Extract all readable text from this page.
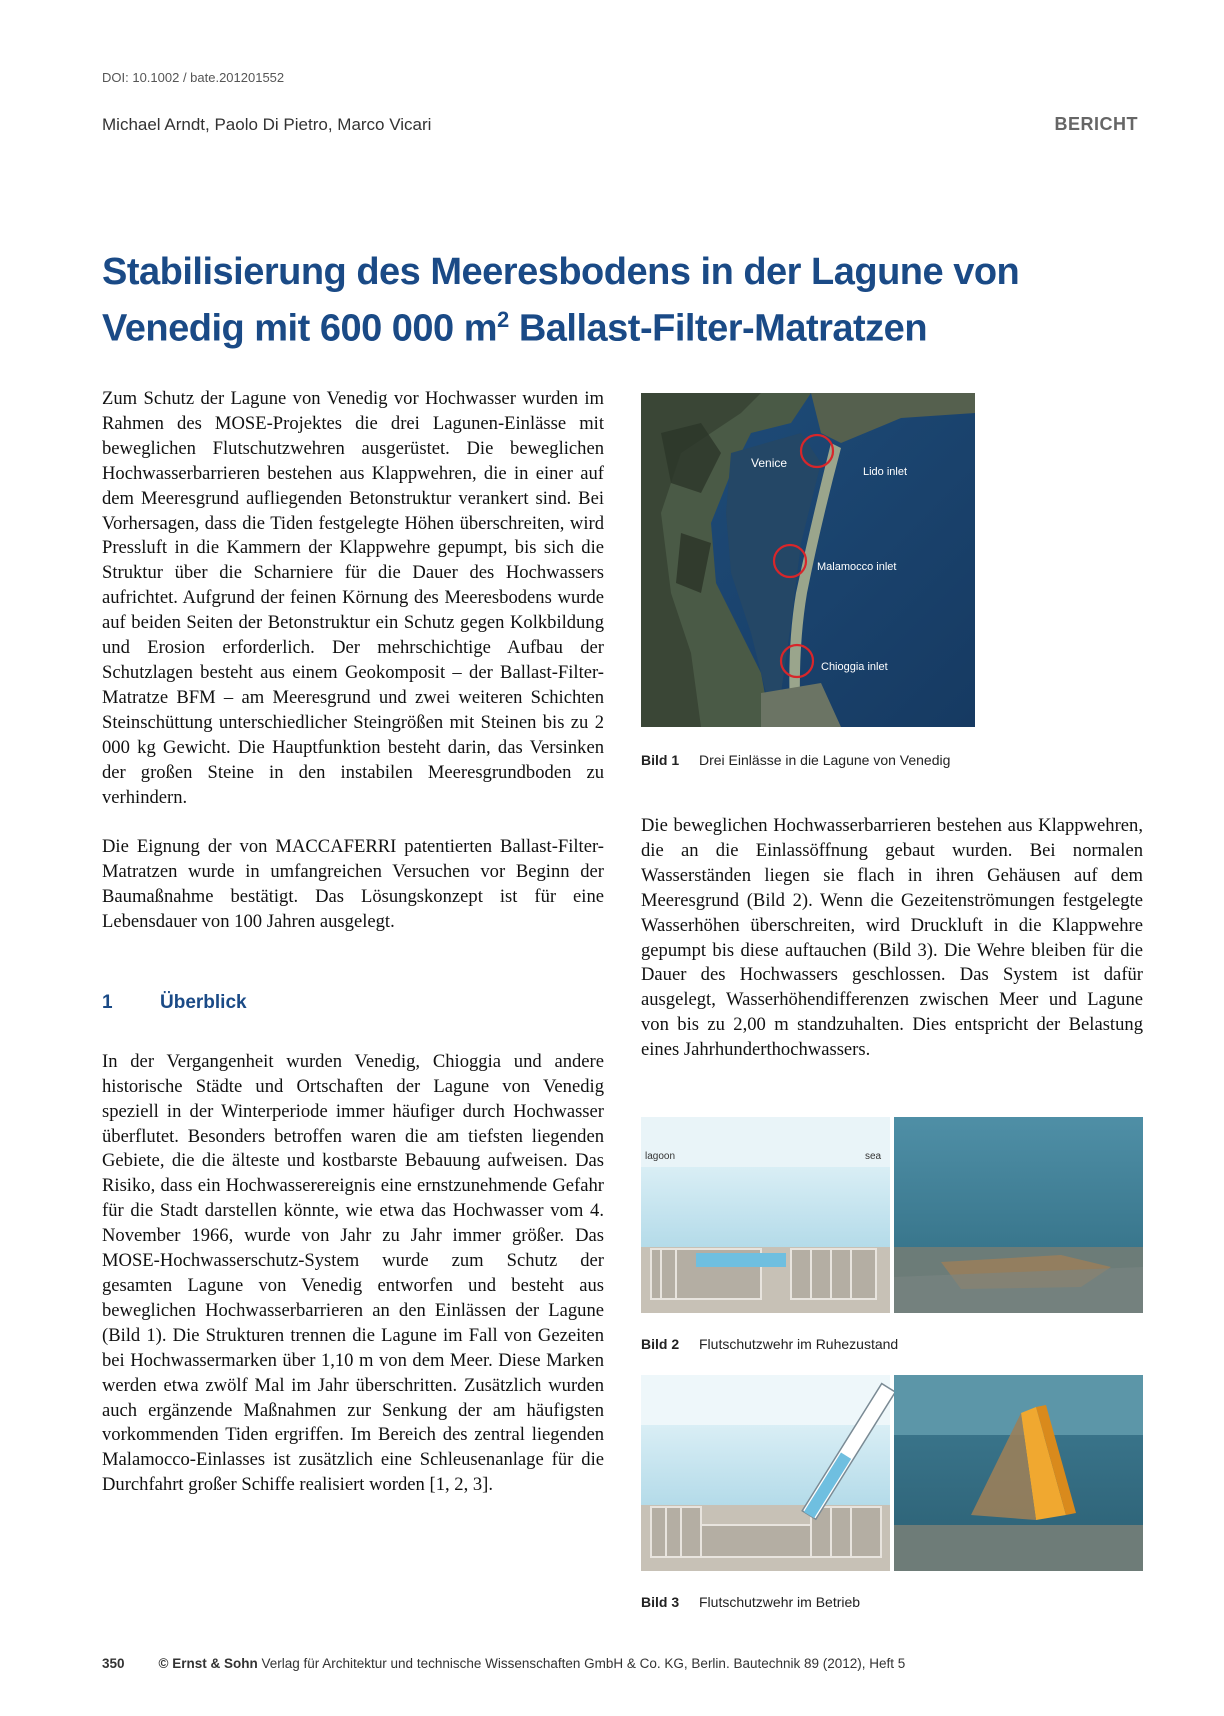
DOI: 10.1002 / bate.201201552
Michael Arndt, Paolo Di Pietro, Marco Vicari	BERICHT
Stabilisierung des Meeresbodens in der Lagune von
Venedig mit 600 000 $m^2$ Ballast-Filter-Matratzen

Zum Schutz der Lagune von Venedig vor Hochwasser wurden im Rahmen des MOSE-Projektes die drei Lagunen-Einlässe mit beweglichen Flutschutzwehren ausgerüstet. Die beweglichen Hochwasserbarrieren bestehen aus Klappwehren, die in einer auf dem Meeresgrund aufliegenden Betonstruktur verankert sind. Bei Vorhersagen, dass die Tiden festgelegte Höhen überschreiten, wird Pressluft in die Kammern der Klappwehre gepumpt, bis sich die Struktur über die Scharniere für die Dauer des Hochwassers aufrichtet. Aufgrund der feinen Körnung des Meeresbodens wurde auf beiden Seiten der Betonstruktur ein Schutz gegen Kolkbildung und Erosion erforderlich. Der mehrschichtige Aufbau der Schutzlagen besteht aus einem Geokomposit – der Ballast-Filter-Matratze BFM – am Meeresgrund und zwei weiteren Schichten Steinschüttung unterschiedlicher Steingrößen mit Steinen bis zu 2 000 kg Gewicht. Die Hauptfunktion besteht darin, das Versinken der großen Steine in den instabilen Meeresgrundboden zu verhindern.

Die Eignung der von MACCAFERRI patentierten Ballast-Filter-Matratzen wurde in umfangreichen Versuchen vor Beginn der Baumaßnahme bestätigt. Das Lösungskonzept ist für eine Lebensdauer von 100 Jahren ausgelegt.

1	Überblick

In der Vergangenheit wurden Venedig, Chioggia und andere historische Städte und Ortschaften der Lagune von Venedig speziell in der Winterperiode immer häufiger durch Hochwasser überflutet. Besonders betroffen waren die am tiefsten liegenden Gebiete, die die älteste und kostbarste Bebauung aufweisen. Das Risiko, dass ein Hochwasserereignis eine ernstzunehmende Gefahr für die Stadt darstellen könnte, wie etwa das Hochwasser vom 4. November 1966, wurde von Jahr zu Jahr immer größer. Das MOSE-Hochwasserschutz-System wurde zum Schutz der gesamten Lagune von Venedig entworfen und besteht aus beweglichen Hochwasserbarrieren an den Einlässen der Lagune (Bild 1). Die Strukturen trennen die Lagune im Fall von Gezeiten bei Hochwassermarken über 1,10 m von dem Meer. Diese Marken werden etwa zwölf Mal im Jahr überschritten. Zusätzlich wurden auch ergänzende Maßnahmen zur Senkung der am häufigsten vorkommenden Tiden ergriffen. Im Bereich des zentral liegenden Malamocco-Einlasses ist zusätzlich eine Schleusenanlage für die Durchfahrt großer Schiffe realisiert worden [1, 2, 3].

Venice
Lido inlet
Malamocco inlet
Chioggia inlet
Bild 1 Drei Einlässe in die Lagune von Venedig

Die beweglichen Hochwasserbarrieren bestehen aus Klappwehren, die an die Einlassöffnung gebaut wurden. Bei normalen Wasserständen liegen sie flach in ihren Gehäusen auf dem Meeresgrund (Bild 2). Wenn die Gezeitenströmungen festgelegte Wasserhöhen überschreiten, wird Druckluft in die Klappwehre gepumpt bis diese auftauchen (Bild 3). Die Wehre bleiben für die Dauer des Hochwassers geschlossen. Das System ist dafür ausgelegt, Wasserhöhendifferenzen zwischen Meer und Lagune von bis zu 2,00 m standzuhalten. Dies entspricht der Belastung eines Jahrhunderthochwassers.

lagoon	sea
Bild 2 Flutschutzwehr im Ruhezustand
Bild 3 Flutschutzwehr im Betrieb
350	© Ernst & Sohn Verlag für Architektur und technische Wissenschaften GmbH & Co. KG, Berlin. Bautechnik 89 (2012), Heft 5
